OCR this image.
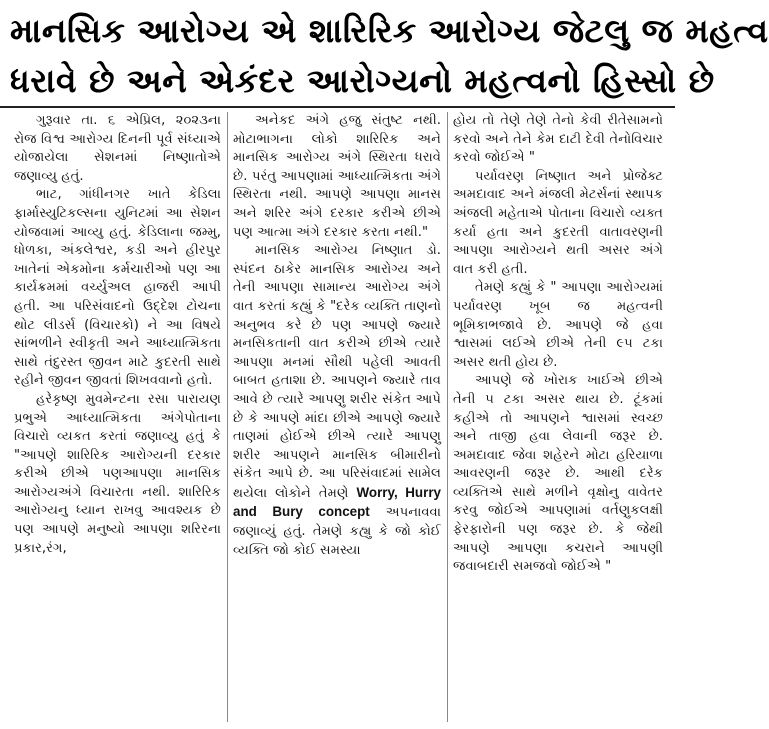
માનસિક આરોગ્ય એ શારિરિક આરોગ્ય જેટલુ જ મહત્વ
ધરાવે છે અને એકંદર આરોગ્યનો મહત્વનો હિસ્સો છે

ગુરૂવાર તા. ૬ એપ્રિલ, ૨૦૨૩ના રોજ વિશ્વ આરોગ્ય દિનની પૂર્વ સંધ્યાએ યોજાયેલા સેશનમાં નિષ્ણાતોએ જણાવ્યુ હતું.

ભાટ, ગાંધીનગર ખાતે કેડિલા ફાર્માસ્યુટિકલ્સના યુનિટમાં આ સેશન યોજવામાં આવ્યુ હતું. કેડિલાના જમ્મુ, ધોળકા, અંકલેશ્વર, કડી અને હીરપુર ખાતેનાં એકમોના કર્મચારીઓ પણ આ કાર્યક્રમમાં વર્ચ્યુઅલ હાજરી આપી હતી. આ પરિસંવાદનો ઉદ્દેશ ટોચના થોટ લીડર્સ (વિચારકો) ને આ વિષયે સાંભળીને સ્વીકૃતી અને આધ્યાત્મિકતા સાથે તંદુરસ્ત જીવન માટે કુદરતી સાથે રહીને જીવન જીવતાં શિખવવાનો હતો.

હરેકૃષ્ણ મુવમેન્ટના રસા પારાયણ પ્રભુએ આધ્યાત્મિકતા અંગેપોતાના વિચારો વ્યકત કરતાં જણાવ્યુ હતું કે "આપણે શારિરિક આરોગ્યની દરકાર કરીએ છીએ પણઆપણા માનસિક આરોગ્યઅંગે વિચારતા નથી. શારિરિક આરોગ્યનુ ધ્યાન રાખવુ આવશ્યક છે પણ આપણે મનુષ્યો આપણા શરિરના પ્રકાર,રંગ,

અનેકદ અંગે હજુ સંતુષ્ટ નથી. મોટાભાગના લોકો શારિરિક અને માનસિક આરોગ્ય અંગે સ્થિરતા ધરાવે છે. પરંતુ આપણામાં આધ્યાત્મિકતા અંગે સ્થિરતા નથી. આપણે આપણા માનસ અને શરિર અંગે દરકાર કરીએ છીએ પણ આત્મા અંગે દરકાર કરતા નથી."

માનસિક આરોગ્ય નિષ્ણાત ડો. સ્પંદન ઠાકેર માનસિક આરોગ્ય અને તેની આપણા સામાન્ય આરોગ્ય અંગે વાત કરતાં કહ્યું કે "દરેક વ્યક્તિ તાણનો અનુભવ કરે છે પણ આપણે જ્યારે મનસિકતાની વાત કરીએ છીએ ત્યારે આપણા મનમાં સૌથી પહેલી આવતી બાબત હતાશા છે. આપણને જ્યારે તાવ આવે છે ત્યારે આપણુ શરીર સંકેત આપે છે કે આપણે માંદા છીએ આપણે જ્યારે તાણમાં હોઈએ છીએ ત્યારે આપણુ શરીર આપણને માનસિક બીમારીનો સંકેત આપે છે. આ પરિસંવાદમાં સામેલ થયેલા લોકોને તેમણે Worry, Hurry and Bury concept અપનાવવા જણાવ્યું હતું. તેમણે કહ્યુ કે જો કોઈ વ્યક્તિ જો કોઈ સમસ્યા

હોય તો તેણે તેણે તેનો કેવી રીતેસામનો કરવો અને તેને કેમ દાટી દેવી તેનોવિચાર કરવો જોઈએ "

પર્યાવરણ નિષ્ણાત અને પ્રોજેક્ટ અમદાવાદ અને મંજલી મેટર્સનાં સ્થાપક અંજલી મહેતાએ પોતાના વિચારો વ્યક્ત કર્યા હતા અને કુદરતી વાતાવરણની આપણા આરોગ્યને થતી અસર અંગે વાત કરી હતી.

તેમણે કહ્યું કે " આપણા આરોગ્યમાં પર્યાવરણ ખૂબ જ મહત્વની ભૂમિકાભજાવે છે. આપણે જે હવા શ્વાસમાં લઈએ છીએ તેની ૯૫ ટકા અસર થતી હોય છે.

આપણે જે ખોરાક ખાઈએ છીએ તેની ૫ ટકા અસર થાય છે. ટૂંકમાં કહીએ તો આપણને શ્વાસમાં સ્વચ્છ અને તાજી હવા લેવાની જરૂર છે. અમદાવાદ જેવા શહેરને મોટા હરિયાળા આવરણની જરૂર છે. આથી દરેક વ્યક્તિએ સાથે મળીને વૃક્ષોનુ વાવેતર કરવુ જોઈએ આપણામાં વર્તણુકલક્ષી ફેરફારોની પણ જરૂર છે. કે જેથી આપણે આપણા કચરાને આપણી જવાબદારી સમજવો જોઈએ "
